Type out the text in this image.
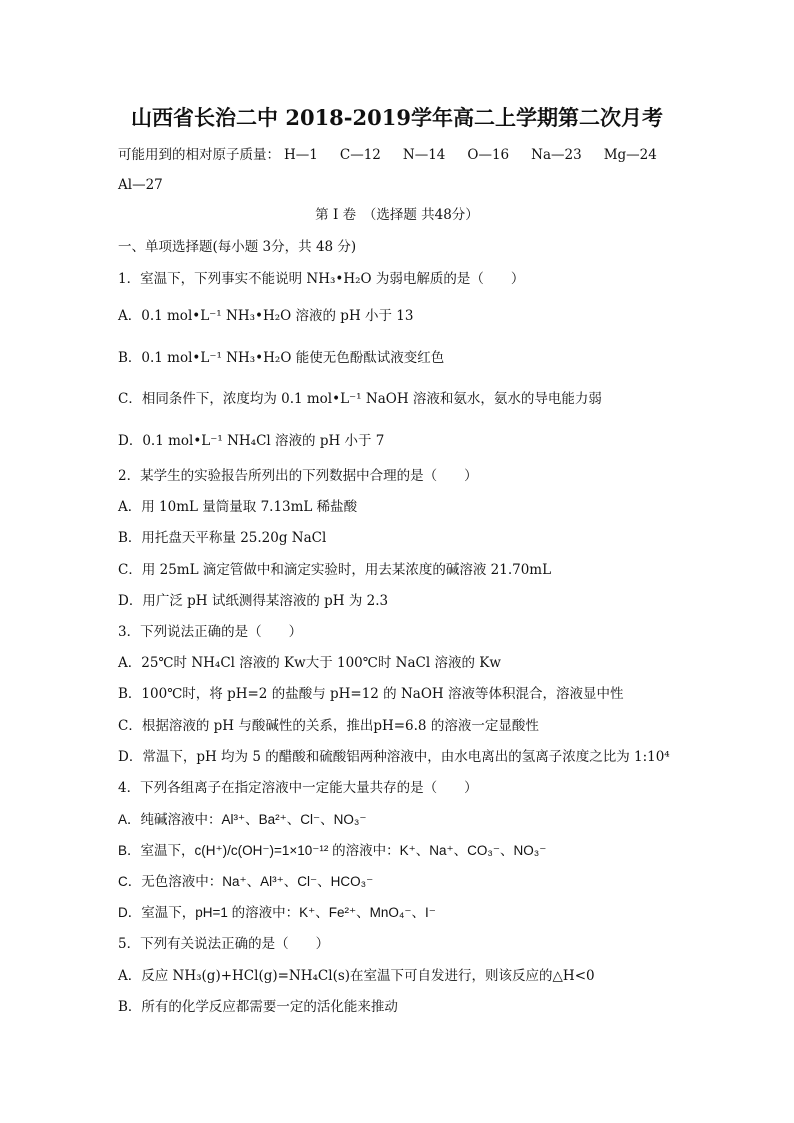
山西省长治二中 2018-2019学年高二上学期第二次月考
可能用到的相对原子质量： H—1 C—12 N—14 O—16 Na—23 Mg—24
Al—27
第 I 卷　（选择题 共48分）
一、单项选择题(每小题 3分，共 48 分)
1．室温下，下列事实不能说明 NH₃•H₂O 为弱电解质的是（　　）
A．0.1 mol•L⁻¹ NH₃•H₂O 溶液的 pH 小于 13
B．0.1 mol•L⁻¹ NH₃•H₂O 能使无色酚酞试液变红色
C．相同条件下，浓度均为 0.1 mol•L⁻¹ NaOH 溶液和氨水，氨水的导电能力弱
D．0.1 mol•L⁻¹ NH₄Cl 溶液的 pH 小于 7
2．某学生的实验报告所列出的下列数据中合理的是（　　）
A．用 10mL 量筒量取 7.13mL 稀盐酸
B．用托盘天平称量 25.20g NaCl
C．用 25mL 滴定管做中和滴定实验时，用去某浓度的碱溶液 21.70mL
D．用广泛 pH 试纸测得某溶液的 pH 为 2.3
3．下列说法正确的是（　　）
A．25℃时 NH₄Cl 溶液的 Kw大于 100℃时 NaCl 溶液的 Kw
B．100℃时，将 pH=2 的盐酸与 pH=12 的 NaOH 溶液等体积混合，溶液显中性
C．根据溶液的 pH 与酸碱性的关系，推出pH=6.8 的溶液一定显酸性
D．常温下，pH 均为 5 的醋酸和硫酸铝两种溶液中，由水电离出的氢离子浓度之比为 1:10⁴
4．下列各组离子在指定溶液中一定能大量共存的是（　　）
A．纯碱溶液中：Al³⁺、Ba²⁺、Cl⁻、NO₃⁻
B．室温下，c(H⁺)/c(OH⁻)=1×10⁻¹² 的溶液中：K⁺、Na⁺、CO₃⁻、NO₃⁻
C．无色溶液中：Na⁺、Al³⁺、Cl⁻、HCO₃⁻
D．室温下，pH=1 的溶液中：K⁺、Fe²⁺、MnO₄⁻、I⁻
5．下列有关说法正确的是（　　）
A．反应 NH₃(g)+HCl(g)=NH₄Cl(s)在室温下可自发进行，则该反应的△H<0
B．所有的化学反应都需要一定的活化能来推动
